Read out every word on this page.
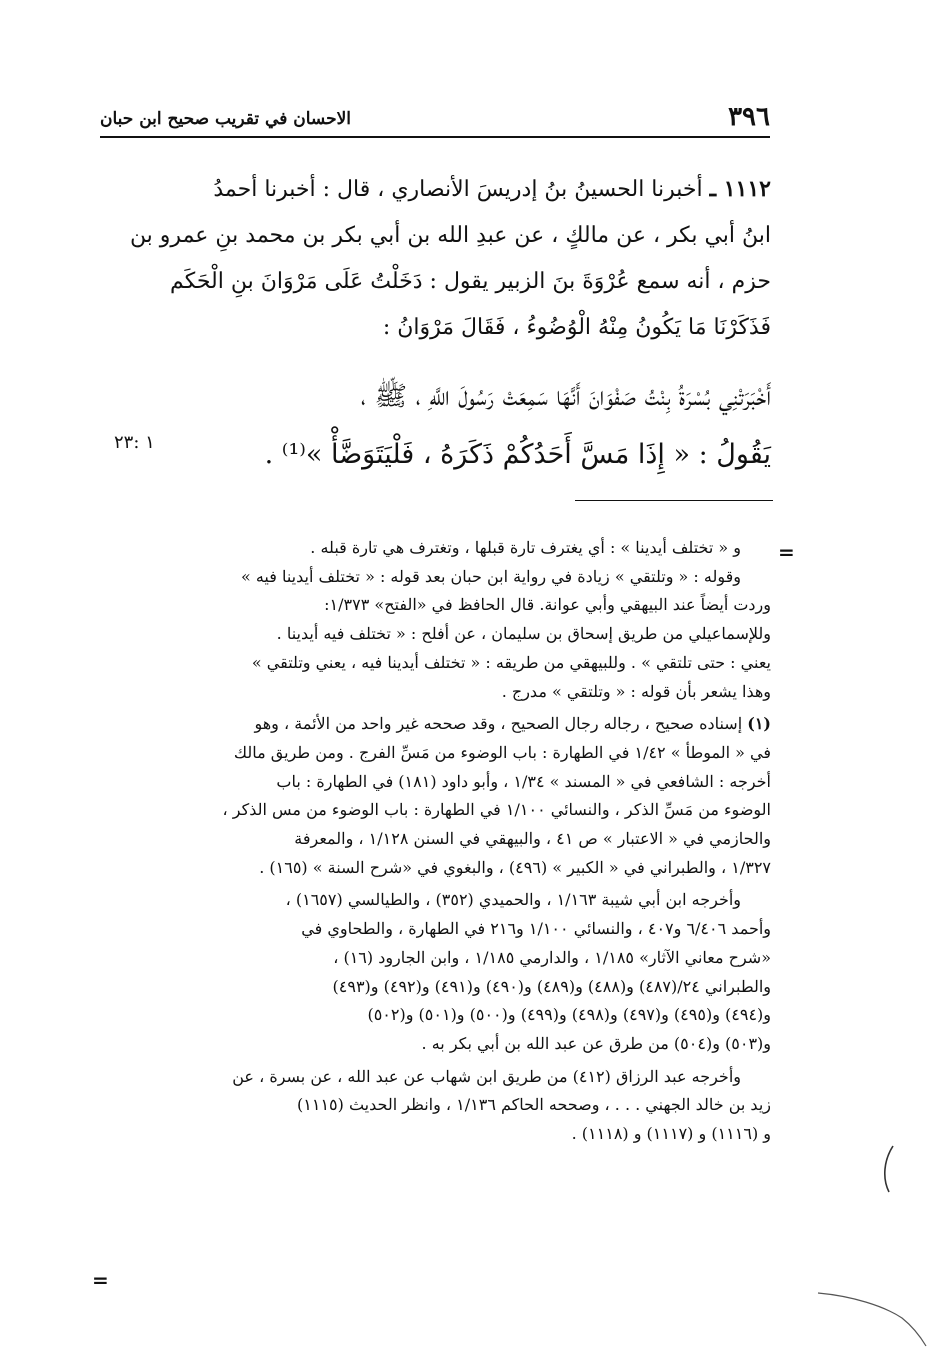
٣٩٦
الاحسان في تقريب صحيح ابن حبان

١١١٢ ـ أخبرنا الحسينُ بنُ إدريسَ الأنصاري ، قال : أخبرنا أحمدُ

ابنُ أبي بكر ، عن مالكٍ ، عن عبدِ الله بن أبي بكر بن محمد بنِ عمرو بن

حزم ، أنه سمع عُرْوَةَ بنَ الزبير يقول : دَخَلْتُ عَلَى مَرْوَانَ بنِ الْحَكَم

فَذَكَرْنَا مَا يَكُونُ مِنْهُ الْوُضُوءُ ، فَقَالَ مَرْوَانُ :

أَخْبَرَتْنِي بُسْرَةُ بِنْتُ صَفْوَانَ أَنَّهَا سَمِعَتْ رَسُولَ اللَّهِ ، ﷺ ،

يَقُولُ : « إِذَا مَسَّ أَحَدُكُمْ ذَكَرَهُ ، فَلْيَتَوَضَّأْ »⁽¹⁾ .

١ :٢٣
=

و « تختلف أيدينا » : أي يغترف تارة قبلها ، وتغترف هي تارة قبله .

وقوله : « وتلتقي » زيادة في رواية ابن حبان بعد قوله : « تختلف أيدينا فيه »

وردت أيضاً عند البيهقي وأبي عوانة. قال الحافظ في «الفتح» ١/٣٧٣:

وللإسماعيلي من طريق إسحاق بن سليمان ، عن أفلح : « تختلف فيه أيدينا .

يعني : حتى تلتقي » . وللبيهقي من طريقه : « تختلف أيدينا فيه ، يعني وتلتقي »

وهذا يشعر بأن قوله : « وتلتقي » مدرج .

(١) إسناده صحيح ، رجاله رجال الصحيح ، وقد صححه غير واحد من الأئمة ، وهو

في « الموطأ » ١/٤٢ في الطهارة : باب الوضوء من مَسِّ الفرج . ومن طريق مالك

أخرجه : الشافعي في « المسند » ١/٣٤ ، وأبو داود (١٨١) في الطهارة : باب

الوضوء من مَسِّ الذكر ، والنسائي ١/١٠٠ في الطهارة : باب الوضوء من مس الذكر ،

والحازمي في « الاعتبار » ص ٤١ ، والبيهقي في السنن ١/١٢٨ ، والمعرفة

١/٣٢٧ ، والطبراني في « الكبير » (٤٩٦) ، والبغوي في «شرح السنة » (١٦٥) .

وأخرجه ابن أبي شيبة ١/١٦٣ ، والحميدي (٣٥٢) ، والطيالسي (١٦٥٧) ،

وأحمد ٦/٤٠٦ و٤٠٧ ، والنسائي ١/١٠٠ و٢١٦ في الطهارة ، والطحاوي في

«شرح معاني الآثار» ١/١٨٥ ، والدارمي ١/١٨٥ ، وابن الجارود (١٦) ،

والطبراني ٢٤/(٤٨٧) و(٤٨٨) و(٤٨٩) و(٤٩٠) و(٤٩١) و(٤٩٢) و(٤٩٣)

و(٤٩٤) و(٤٩٥) و(٤٩٧) و(٤٩٨) و(٤٩٩) و(٥٠٠) و(٥٠١) و(٥٠٢)

و(٥٠٣) و(٥٠٤) من طرق عن عبد الله بن أبي بكر به .

وأخرجه عبد الرزاق (٤١٢) من طريق ابن شهاب عن عبد الله ، عن بسرة ، عن

زيد بن خالد الجهني . . . ، وصححه الحاكم ١/١٣٦ ، وانظر الحديث (١١١٥)

و (١١١٦) و (١١١٧) و (١١١٨) .

=
